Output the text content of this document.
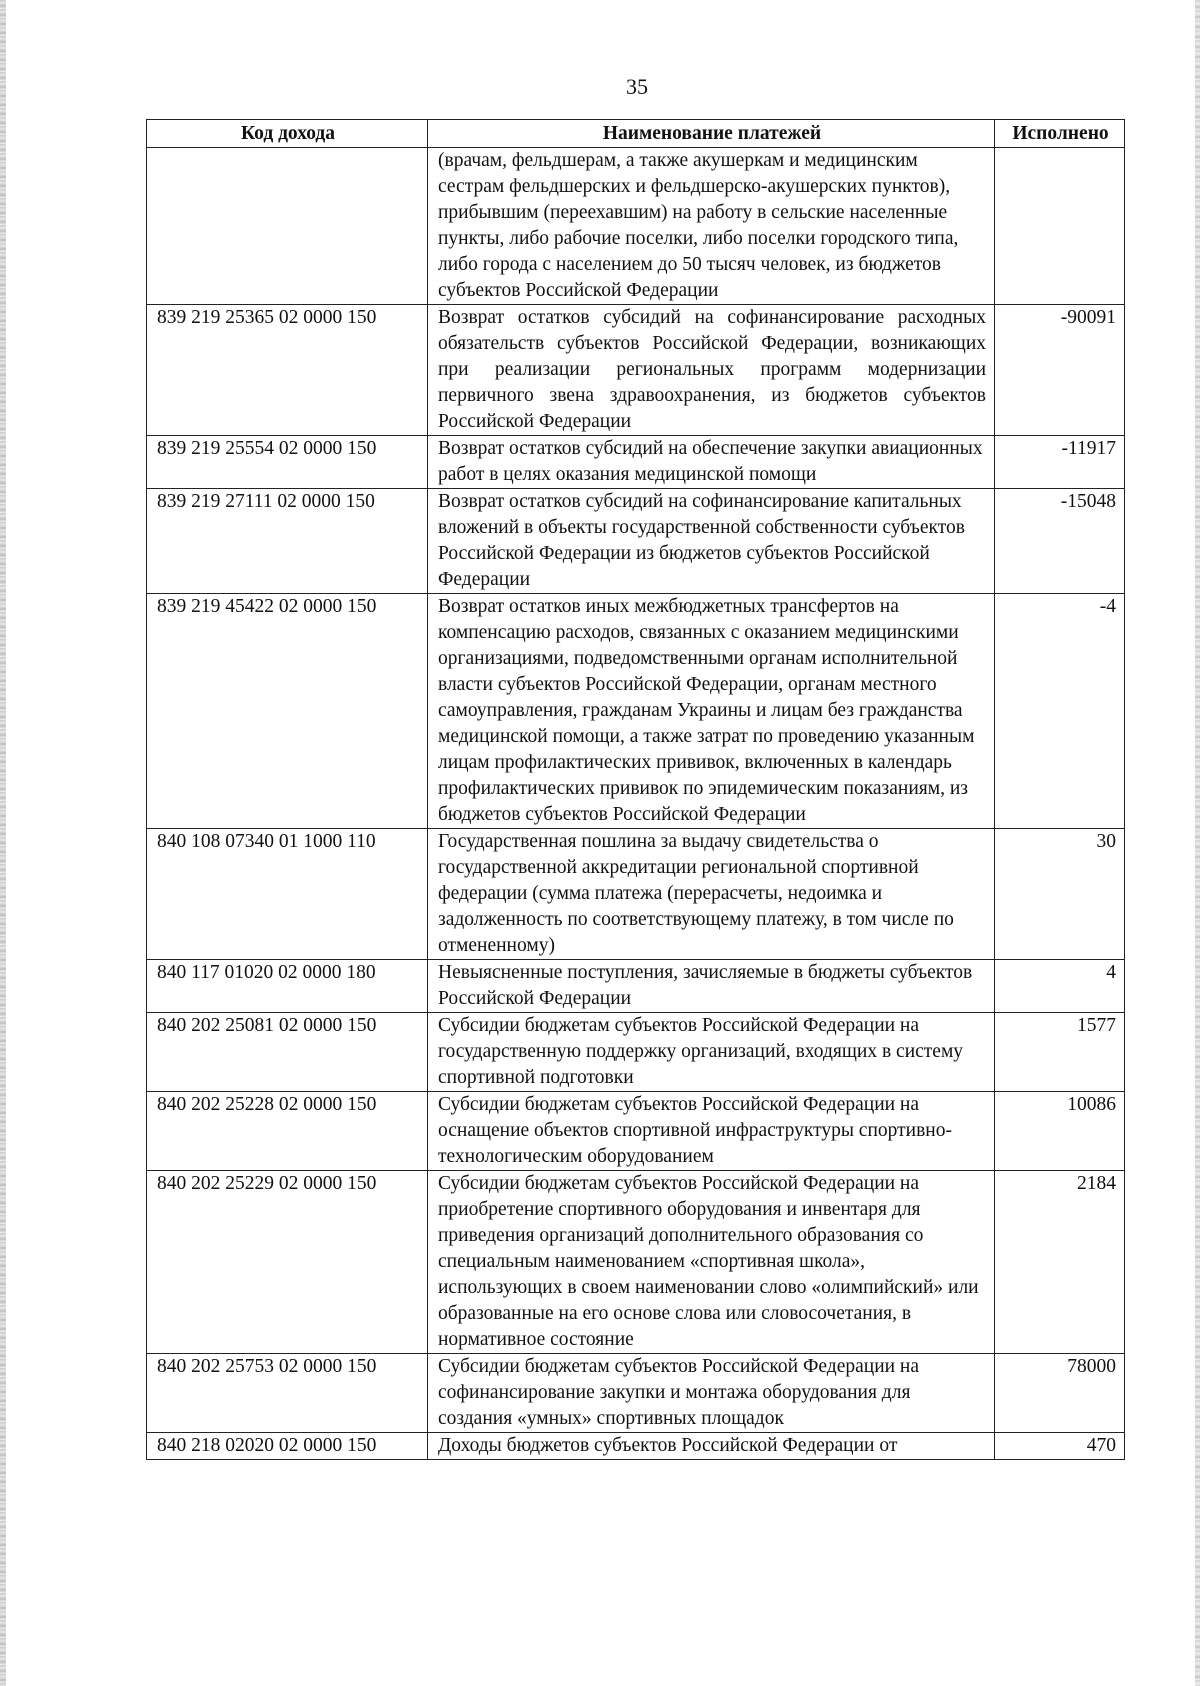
35
Код дохода	Наименование платежей	Исполнено
	(врачам, фельдшерам, а также акушеркам и медицинским сестрам фельдшерских и фельдшерско-акушерских пунктов), прибывшим (переехавшим) на работу в сельские населенные пункты, либо рабочие поселки, либо поселки городского типа, либо города с населением до 50 тысяч человек, из бюджетов субъектов Российской Федерации	
839 219 25365 02 0000 150	Возврат остатков субсидий на софинансирование расходных обязательств субъектов Российской Федерации, возникающих при реализации региональных программ модернизации первичного звена здравоохранения, из бюджетов субъектов Российской Федерации	-90091
839 219 25554 02 0000 150	Возврат остатков субсидий на обеспечение закупки авиационных работ в целях оказания медицинской помощи	-11917
839 219 27111 02 0000 150	Возврат остатков субсидий на софинансирование капитальных вложений в объекты государственной собственности субъектов Российской Федерации из бюджетов субъектов Российской Федерации	-15048
839 219 45422 02 0000 150	Возврат остатков иных межбюджетных трансфертов на компенсацию расходов, связанных с оказанием медицинскими организациями, подведомственными органам исполнительной власти субъектов Российской Федерации, органам местного самоуправления, гражданам Украины и лицам без гражданства медицинской помощи, а также затрат по проведению указанным лицам профилактических прививок, включенных в календарь профилактических прививок по эпидемическим показаниям, из бюджетов субъектов Российской Федерации	-4
840 108 07340 01 1000 110	Государственная пошлина за выдачу свидетельства о государственной аккредитации региональной спортивной федерации (сумма платежа (перерасчеты, недоимка и задолженность по соответствующему платежу, в том числе по отмененному)	30
840 117 01020 02 0000 180	Невыясненные поступления, зачисляемые в бюджеты субъектов Российской Федерации	4
840 202 25081 02 0000 150	Субсидии бюджетам субъектов Российской Федерации на государственную поддержку организаций, входящих в систему спортивной подготовки	1577
840 202 25228 02 0000 150	Субсидии бюджетам субъектов Российской Федерации на оснащение объектов спортивной инфраструктуры спортивно-технологическим оборудованием	10086
840 202 25229 02 0000 150	Субсидии бюджетам субъектов Российской Федерации на приобретение спортивного оборудования и инвентаря для приведения организаций дополнительного образования со специальным наименованием «спортивная школа», использующих в своем наименовании слово «олимпийский» или образованные на его основе слова или словосочетания, в нормативное состояние	2184
840 202 25753 02 0000 150	Субсидии бюджетам субъектов Российской Федерации на софинансирование закупки и монтажа оборудования для создания «умных» спортивных площадок	78000
840 218 02020 02 0000 150	Доходы бюджетов субъектов Российской Федерации от	470
